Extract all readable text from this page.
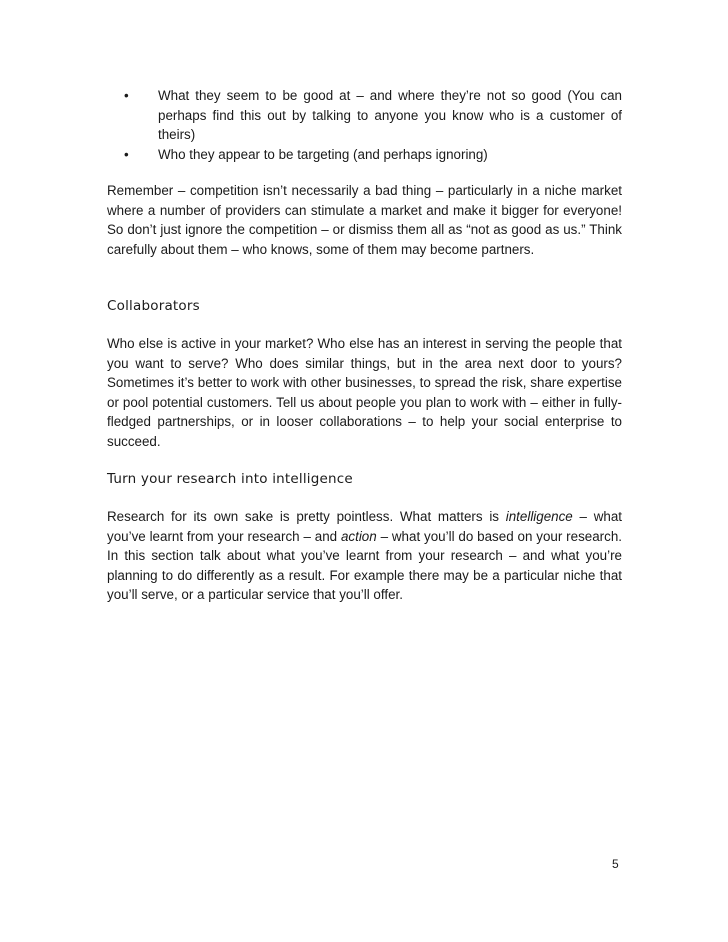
• What they seem to be good at – and where they’re not so good (You can perhaps find this out by talking to anyone you know who is a customer of theirs)
• Who they appear to be targeting (and perhaps ignoring)

Remember – competition isn’t necessarily a bad thing – particularly in a niche market where a number of providers can stimulate a market and make it bigger for everyone! So don’t just ignore the competition – or dismiss them all as “not as good as us.” Think carefully about them – who knows, some of them may become partners.

Collaborators

Who else is active in your market? Who else has an interest in serving the people that you want to serve? Who does similar things, but in the area next door to yours? Sometimes it’s better to work with other businesses, to spread the risk, share expertise or pool potential customers. Tell us about people you plan to work with – either in fully-fledged partnerships, or in looser collaborations – to help your social enterprise to succeed.

Turn your research into intelligence

Research for its own sake is pretty pointless. What matters is intelligence – what you’ve learnt from your research – and action – what you’ll do based on your research. In this section talk about what you’ve learnt from your research – and what you’re planning to do differently as a result. For example there may be a particular niche that you’ll serve, or a particular service that you’ll offer.

5
